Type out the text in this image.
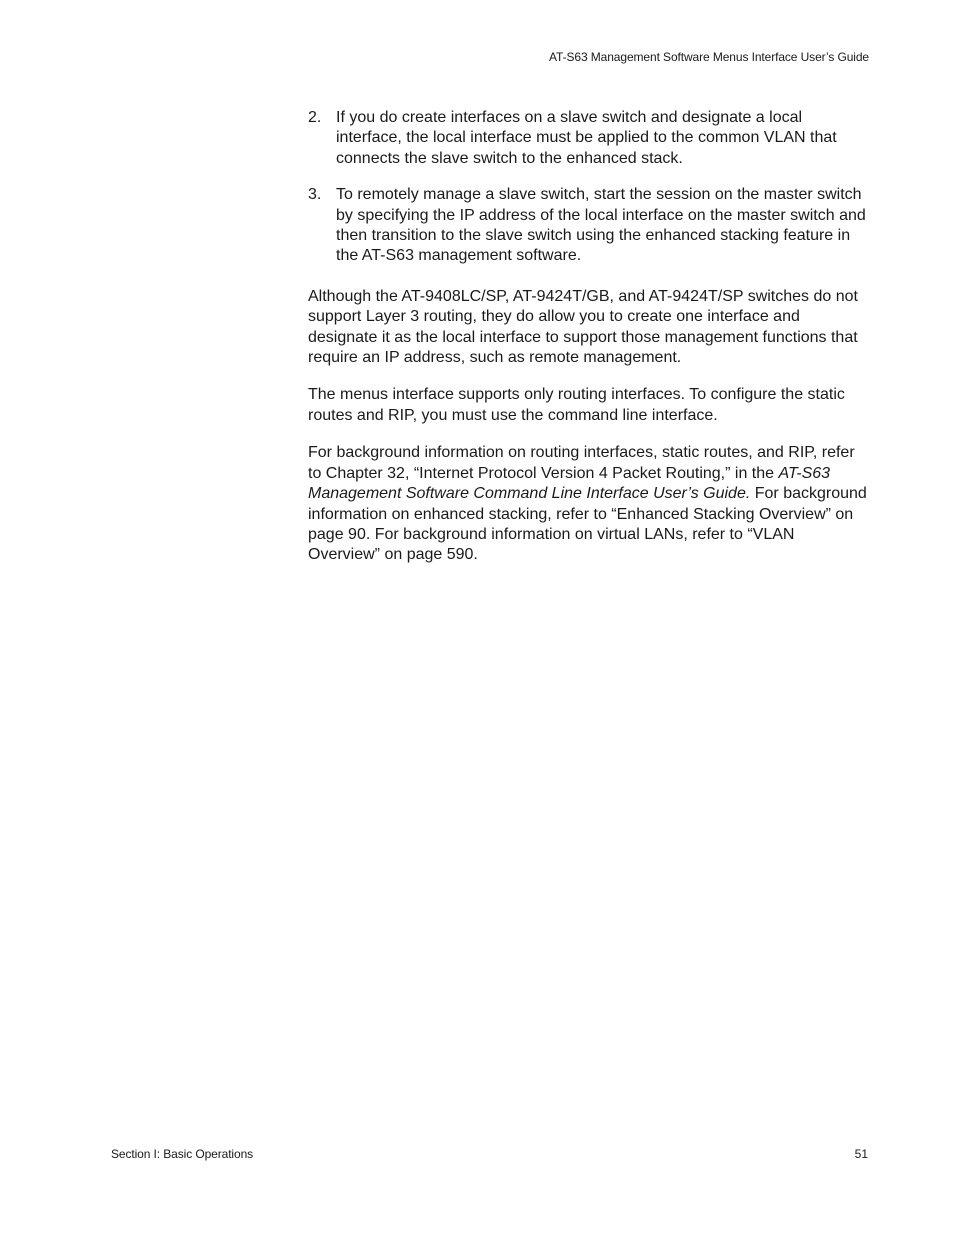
AT-S63 Management Software Menus Interface User’s Guide
2. If you do create interfaces on a slave switch and designate a local interface, the local interface must be applied to the common VLAN that connects the slave switch to the enhanced stack.
3. To remotely manage a slave switch, start the session on the master switch by specifying the IP address of the local interface on the master switch and then transition to the slave switch using the enhanced stacking feature in the AT-S63 management software.

Although the AT-9408LC/SP, AT-9424T/GB, and AT-9424T/SP switches do not support Layer 3 routing, they do allow you to create one interface and designate it as the local interface to support those management functions that require an IP address, such as remote management.

The menus interface supports only routing interfaces. To configure the static routes and RIP, you must use the command line interface.

For background information on routing interfaces, static routes, and RIP, refer to Chapter 32, “Internet Protocol Version 4 Packet Routing,” in the AT-S63 Management Software Command Line Interface User’s Guide. For background information on enhanced stacking, refer to “Enhanced Stacking Overview” on page 90. For background information on virtual LANs, refer to “VLAN Overview” on page 590.

Section I: Basic Operations	51
